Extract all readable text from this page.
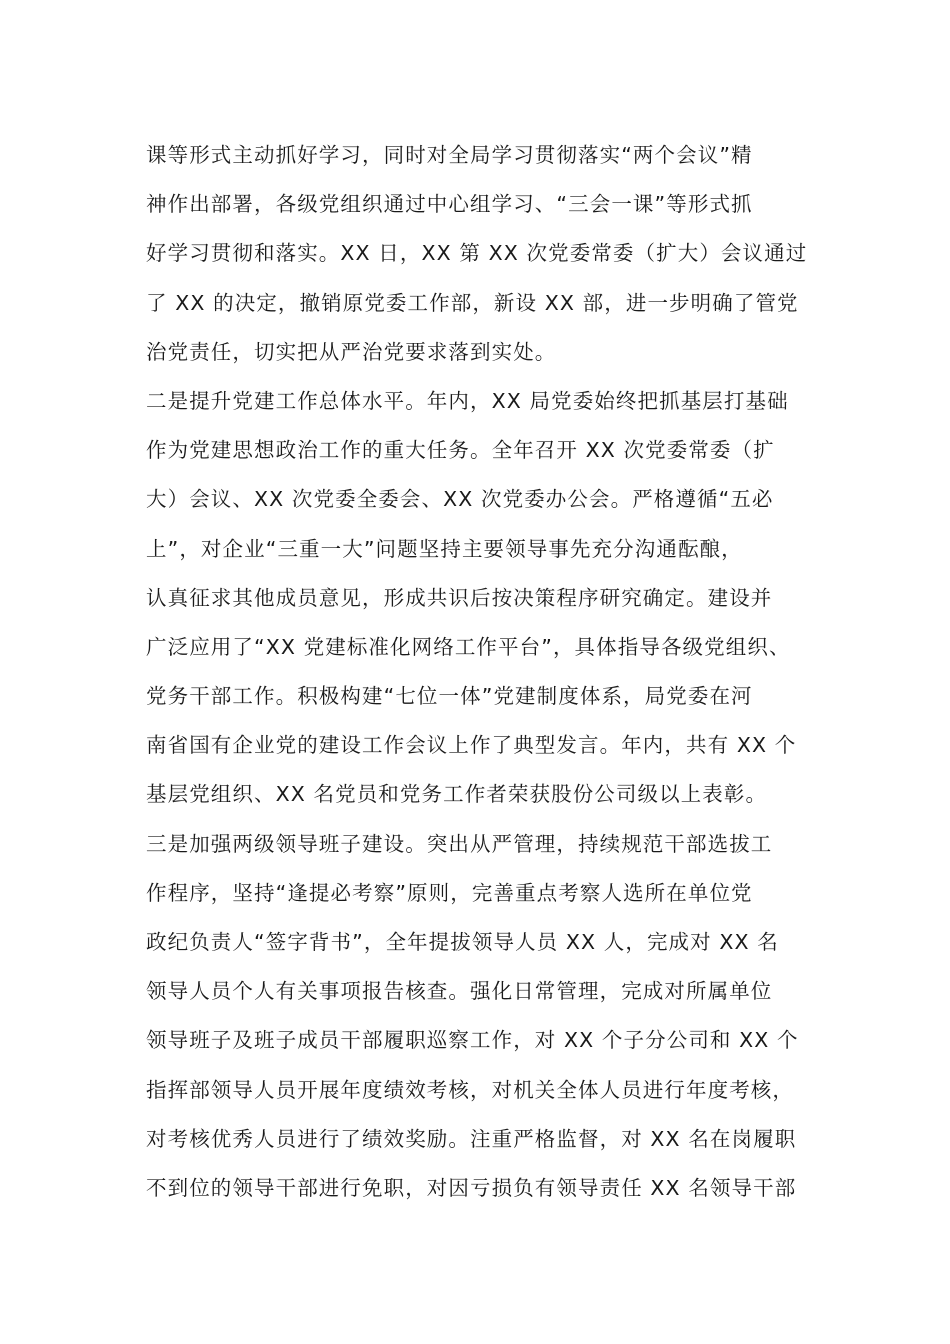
课等形式主动抓好学习，同时对全局学习贯彻落实“两个会议”精
神作出部署，各级党组织通过中心组学习、“三会一课”等形式抓
好学习贯彻和落实。XX 日，XX 第 XX 次党委常委（扩大）会议通过
了 XX 的决定，撤销原党委工作部，新设 XX 部，进一步明确了管党
治党责任，切实把从严治党要求落到实处。
二是提升党建工作总体水平。年内，XX 局党委始终把抓基层打基础
作为党建思想政治工作的重大任务。全年召开 XX 次党委常委（扩
大）会议、XX 次党委全委会、XX 次党委办公会。严格遵循“五必
上”，对企业“三重一大”问题坚持主要领导事先充分沟通酝酿，
认真征求其他成员意见，形成共识后按决策程序研究确定。建设并
广泛应用了“XX 党建标准化网络工作平台”，具体指导各级党组织、
党务干部工作。积极构建“七位一体”党建制度体系，局党委在河
南省国有企业党的建设工作会议上作了典型发言。年内，共有 XX 个
基层党组织、XX 名党员和党务工作者荣获股份公司级以上表彰。
三是加强两级领导班子建设。突出从严管理，持续规范干部选拔工
作程序，坚持“逢提必考察”原则，完善重点考察人选所在单位党
政纪负责人“签字背书”，全年提拔领导人员 XX 人，完成对 XX 名
领导人员个人有关事项报告核查。强化日常管理，完成对所属单位
领导班子及班子成员干部履职巡察工作，对 XX 个子分公司和 XX 个
指挥部领导人员开展年度绩效考核，对机关全体人员进行年度考核，
对考核优秀人员进行了绩效奖励。注重严格监督，对 XX 名在岗履职
不到位的领导干部进行免职，对因亏损负有领导责任 XX 名领导干部
